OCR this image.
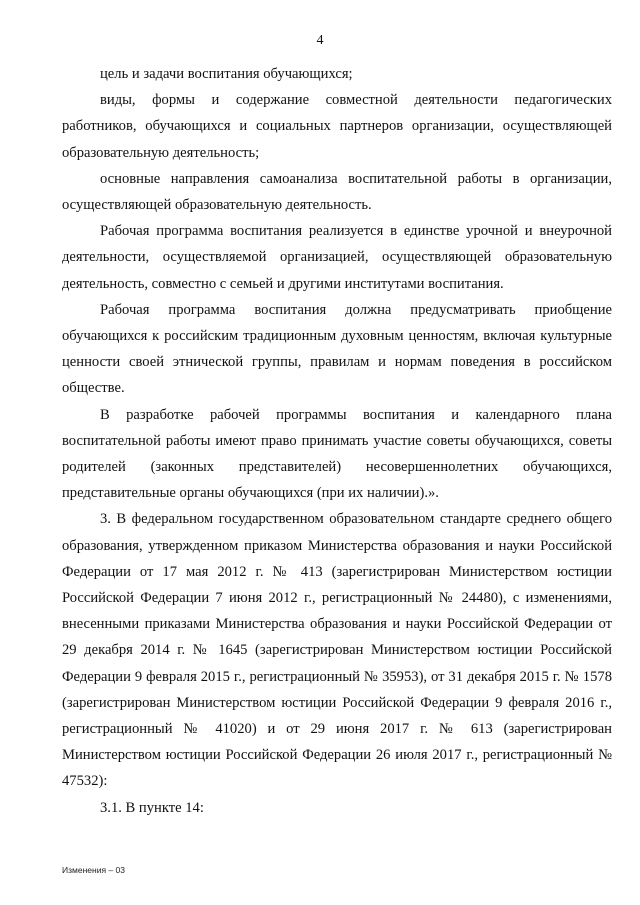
4

цель и задачи воспитания обучающихся;

виды, формы и содержание совместной деятельности педагогических работников, обучающихся и социальных партнеров организации, осуществляющей образовательную деятельность;

основные направления самоанализа воспитательной работы в организации, осуществляющей образовательную деятельность.

Рабочая программа воспитания реализуется в единстве урочной и внеурочной деятельности, осуществляемой организацией, осуществляющей образовательную деятельность, совместно с семьей и другими институтами воспитания.

Рабочая программа воспитания должна предусматривать приобщение обучающихся к российским традиционным духовным ценностям, включая культурные ценности своей этнической группы, правилам и нормам поведения в российском обществе.

В разработке рабочей программы воспитания и календарного плана воспитательной работы имеют право принимать участие советы обучающихся, советы родителей (законных представителей) несовершеннолетних обучающихся, представительные органы обучающихся (при их наличии).».

3. В федеральном государственном образовательном стандарте среднего общего образования, утвержденном приказом Министерства образования и науки Российской Федерации от 17 мая 2012 г. № 413 (зарегистрирован Министерством юстиции Российской Федерации 7 июня 2012 г., регистрационный № 24480), с изменениями, внесенными приказами Министерства образования и науки Российской Федерации от 29 декабря 2014 г. № 1645 (зарегистрирован Министерством юстиции Российской Федерации 9 февраля 2015 г., регистрационный № 35953), от 31 декабря 2015 г. № 1578 (зарегистрирован Министерством юстиции Российской Федерации 9 февраля 2016 г., регистрационный № 41020) и от 29 июня 2017 г. № 613 (зарегистрирован Министерством юстиции Российской Федерации 26 июля 2017 г., регистрационный № 47532):

3.1. В пункте 14:

Изменения – 03
